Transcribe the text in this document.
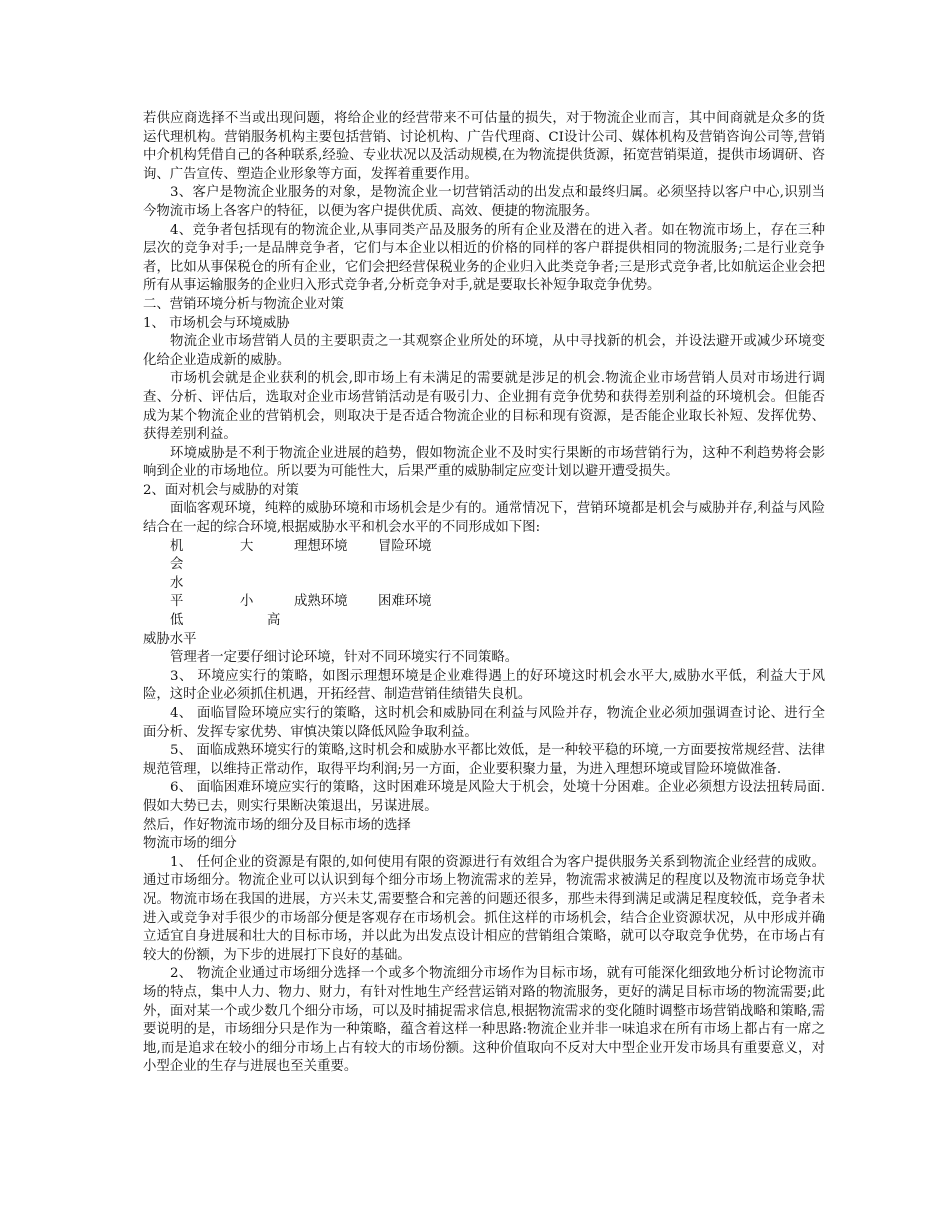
若供应商选择不当或出现问题，将给企业的经营带来不可估量的损失，对于物流企业而言，其中间商就是众多的货运代理机构。营销服务机构主要包括营销、讨论机构、广告代理商、CI设计公司、媒体机构及营销咨询公司等,营销中介机构凭借自己的各种联系,经验、专业状况以及活动规模,在为物流提供货源，拓宽营销渠道，提供市场调研、咨询、广告宣传、塑造企业形象等方面，发挥着重要作用。

3、客户是物流企业服务的对象，是物流企业一切营销活动的出发点和最终归属。必须坚持以客户中心,识别当今物流市场上各客户的特征，以便为客户提供优质、高效、便捷的物流服务。

4、竞争者包括现有的物流企业,从事同类产品及服务的所有企业及潜在的进入者。如在物流市场上，存在三种层次的竞争对手;一是品牌竞争者，它们与本企业以相近的价格的同样的客户群提供相同的物流服务;二是行业竞争者，比如从事保税仓的所有企业，它们会把经营保税业务的企业归入此类竞争者;三是形式竞争者,比如航运企业会把所有从事运输服务的企业归入形式竞争者,分析竞争对手,就是要取长补短争取竞争优势。

二、营销环境分析与物流企业对策

1、 市场机会与环境威胁

物流企业市场营销人员的主要职责之一其观察企业所处的环境，从中寻找新的机会，并设法避开或减少环境变化给企业造成新的威胁。

市场机会就是企业获利的机会,即市场上有未满足的需要就是涉足的机会.物流企业市场营销人员对市场进行调查、分析、评估后，选取对企业市场营销活动是有吸引力、企业拥有竞争优势和获得差别利益的环境机会。但能否成为某个物流企业的营销机会，则取决于是否适合物流企业的目标和现有资源，是否能企业取长补短、发挥优势、获得差别利益。

环境威胁是不利于物流企业进展的趋势，假如物流企业不及时实行果断的市场营销行为，这种不利趋势将会影响到企业的市场地位。所以要为可能性大，后果严重的威胁制定应变计划以避开遭受损失。

2、面对机会与威胁的对策

面临客观环境，纯粹的威胁环境和市场机会是少有的。通常情况下，营销环境都是机会与威胁并存,利益与风险结合在一起的综合环境,根据威胁水平和机会水平的不同形成如下图:

机
会
水
平
低
大
小
理想环境 冒险环境
成熟环境 困难环境
高

威胁水平

管理者一定要仔细讨论环境，针对不同环境实行不同策略。

3、 环境应实行的策略，如图示理想环境是企业难得遇上的好环境这时机会水平大,威胁水平低，利益大于风险，这时企业必须抓住机遇，开拓经营、制造营销佳绩错失良机。

4、 面临冒险环境应实行的策略，这时机会和威胁同在利益与风险并存，物流企业必须加强调查讨论、进行全面分析、发挥专家优势、审慎决策以降低风险争取利益。

5、 面临成熟环境实行的策略,这时机会和威胁水平都比效低，是一种较平稳的环境,一方面要按常规经营、法律规范管理，以维持正常动作，取得平均利润;另一方面，企业要积聚力量，为进入理想环境或冒险环境做准备.

6、 面临困难环境应实行的策略，这时困难环境是风险大于机会，处境十分困难。企业必须想方设法扭转局面.假如大势已去，则实行果断决策退出，另谋进展。

然后，作好物流市场的细分及目标市场的选择

物流市场的细分

1、 任何企业的资源是有限的,如何使用有限的资源进行有效组合为客户提供服务关系到物流企业经营的成败。通过市场细分。物流企业可以认识到每个细分市场上物流需求的差异，物流需求被满足的程度以及物流市场竞争状况。物流市场在我国的进展，方兴未艾,需要整合和完善的问题还很多，那些未得到满足或满足程度较低，竞争者未进入或竞争对手很少的市场部分便是客观存在市场机会。抓住这样的市场机会，结合企业资源状况，从中形成并确立适宜自身进展和壮大的目标市场，并以此为出发点设计相应的营销组合策略，就可以夺取竞争优势，在市场占有较大的份额，为下步的进展打下良好的基础。

2、 物流企业通过市场细分选择一个或多个物流细分市场作为目标市场，就有可能深化细致地分析讨论物流市场的特点，集中人力、物力、财力，有针对性地生产经营运销对路的物流服务，更好的满足目标市场的物流需要;此外，面对某一个或少数几个细分市场，可以及时捕捉需求信息,根据物流需求的变化随时调整市场营销战略和策略,需要说明的是，市场细分只是作为一种策略，蕴含着这样一种思路:物流企业并非一味追求在所有市场上都占有一席之地,而是追求在较小的细分市场上占有较大的市场份额。这种价值取向不反对大中型企业开发市场具有重要意义，对小型企业的生存与进展也至关重要。
